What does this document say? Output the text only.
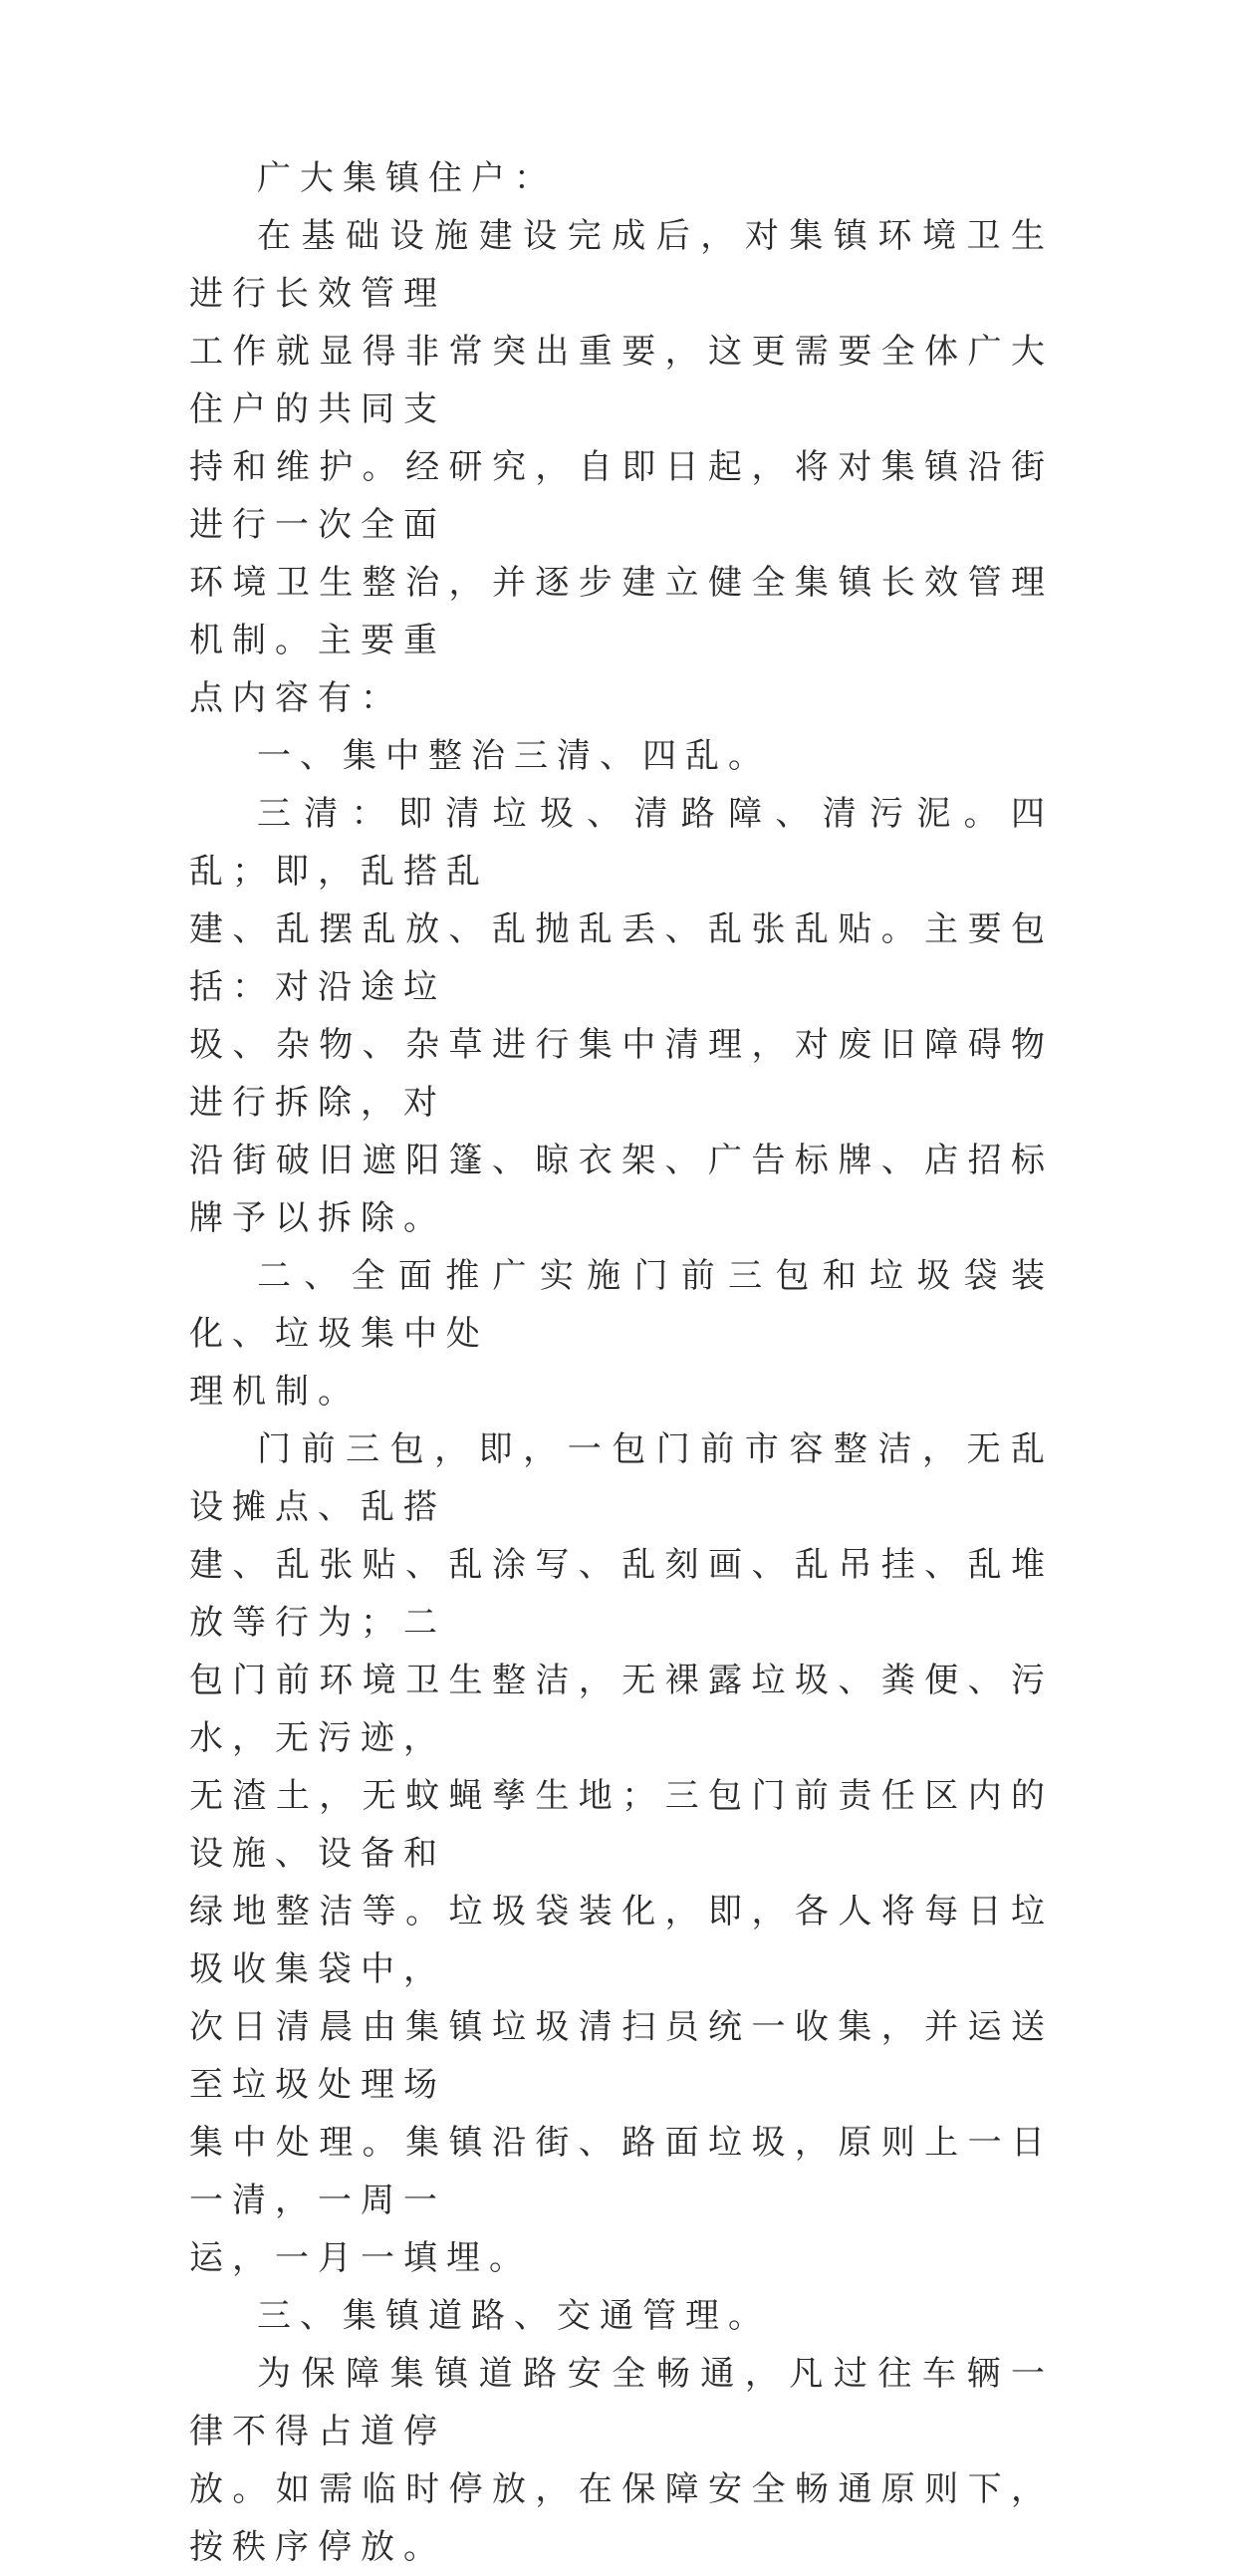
广大集镇住户：

在基础设施建设完成后，对集镇环境卫生进行长效管理
工作就显得非常突出重要，这更需要全体广大住户的共同支
持和维护。经研究，自即日起，将对集镇沿街进行一次全面
环境卫生整治，并逐步建立健全集镇长效管理机制。主要重
点内容有：

一、集中整治三清、四乱。

三清：即清垃圾、清路障、清污泥。四乱；即，乱搭乱
建、乱摆乱放、乱抛乱丢、乱张乱贴。主要包括：对沿途垃
圾、杂物、杂草进行集中清理，对废旧障碍物进行拆除，对
沿街破旧遮阳篷、晾衣架、广告标牌、店招标牌予以拆除。

二、全面推广实施门前三包和垃圾袋装化、垃圾集中处
理机制。

门前三包，即，一包门前市容整洁，无乱设摊点、乱搭
建、乱张贴、乱涂写、乱刻画、乱吊挂、乱堆放等行为；二
包门前环境卫生整洁，无裸露垃圾、粪便、污水，无污迹，
无渣土，无蚊蝇孳生地；三包门前责任区内的设施、设备和
绿地整洁等。垃圾袋装化，即，各人将每日垃圾收集袋中，
次日清晨由集镇垃圾清扫员统一收集，并运送至垃圾处理场
集中处理。集镇沿街、路面垃圾，原则上一日一清，一周一
运，一月一填埋。

三、集镇道路、交通管理。

为保障集镇道路安全畅通，凡过往车辆一律不得占道停
放。如需临时停放，在保障安全畅通原则下，按秩序停放。
